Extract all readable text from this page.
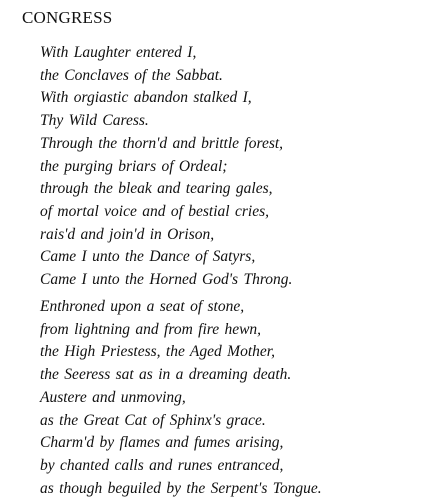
CONGRESS
With Laughter entered I,
the Conclaves of the Sabbat.
With orgiastic abandon stalked I,
Thy Wild Caress.
Through the thorn'd and brittle forest,
the purging briars of Ordeal;
through the bleak and tearing gales,
of mortal voice and of bestial cries,
rais'd and join'd in Orison,
Came I unto the Dance of Satyrs,
Came I unto the Horned God's Throng.
Enthroned upon a seat of stone,
from lightning and from fire hewn,
the High Priestess, the Aged Mother,
the Seeress sat as in a dreaming death.
Austere and unmoving,
as the Great Cat of Sphinx's grace.
Charm'd by flames and fumes arising,
by chanted calls and runes entranced,
as though beguiled by the Serpent's Tongue.
